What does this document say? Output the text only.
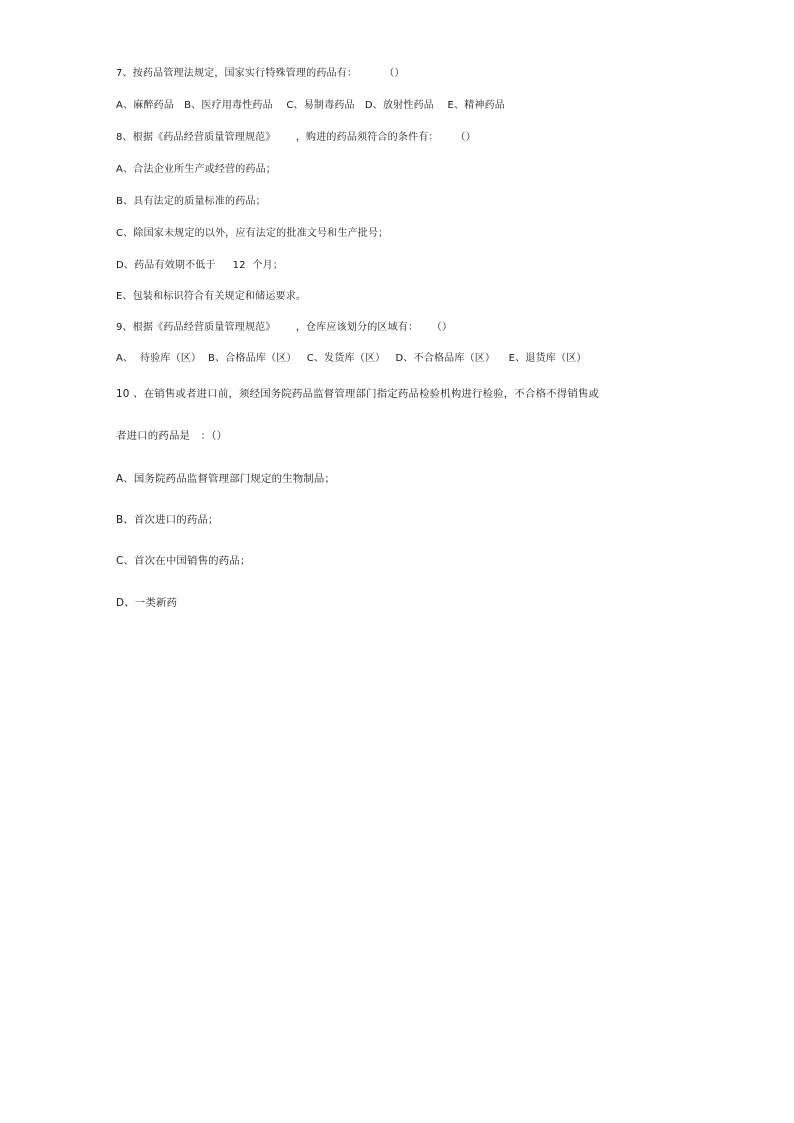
7、按药品管理法规定，国家实行特殊管理的药品有：        （）
A、麻醉药品   B、医疗用毒性药品    C、易制毒药品   D、放射性药品    E、精神药品
8、根据《药品经营质量管理规范》      ，购进的药品须符合的条件有：     （）
A、合法企业所生产或经营的药品；
B、具有法定的质量标准的药品；
C、除国家未规定的以外，应有法定的批准文号和生产批号；
D、药品有效期不低于     12  个月；
E、包装和标识符合有关规定和储运要求。
9、根据《药品经营质量管理规范》      ，仓库应该划分的区域有：    （）
A、  待验库（区）  B、合格品库（区）   C、发货库（区）   D、不合格品库（区）    E、退货库（区）
10 、在销售或者进口前，须经国务院药品监督管理部门指定药品检验机构进行检验，不合格不得销售或
者进口的药品是   ：（）
A、国务院药品监督管理部门规定的生物制品；
B、首次进口的药品；
C、首次在中国销售的药品；
D、一类新药
